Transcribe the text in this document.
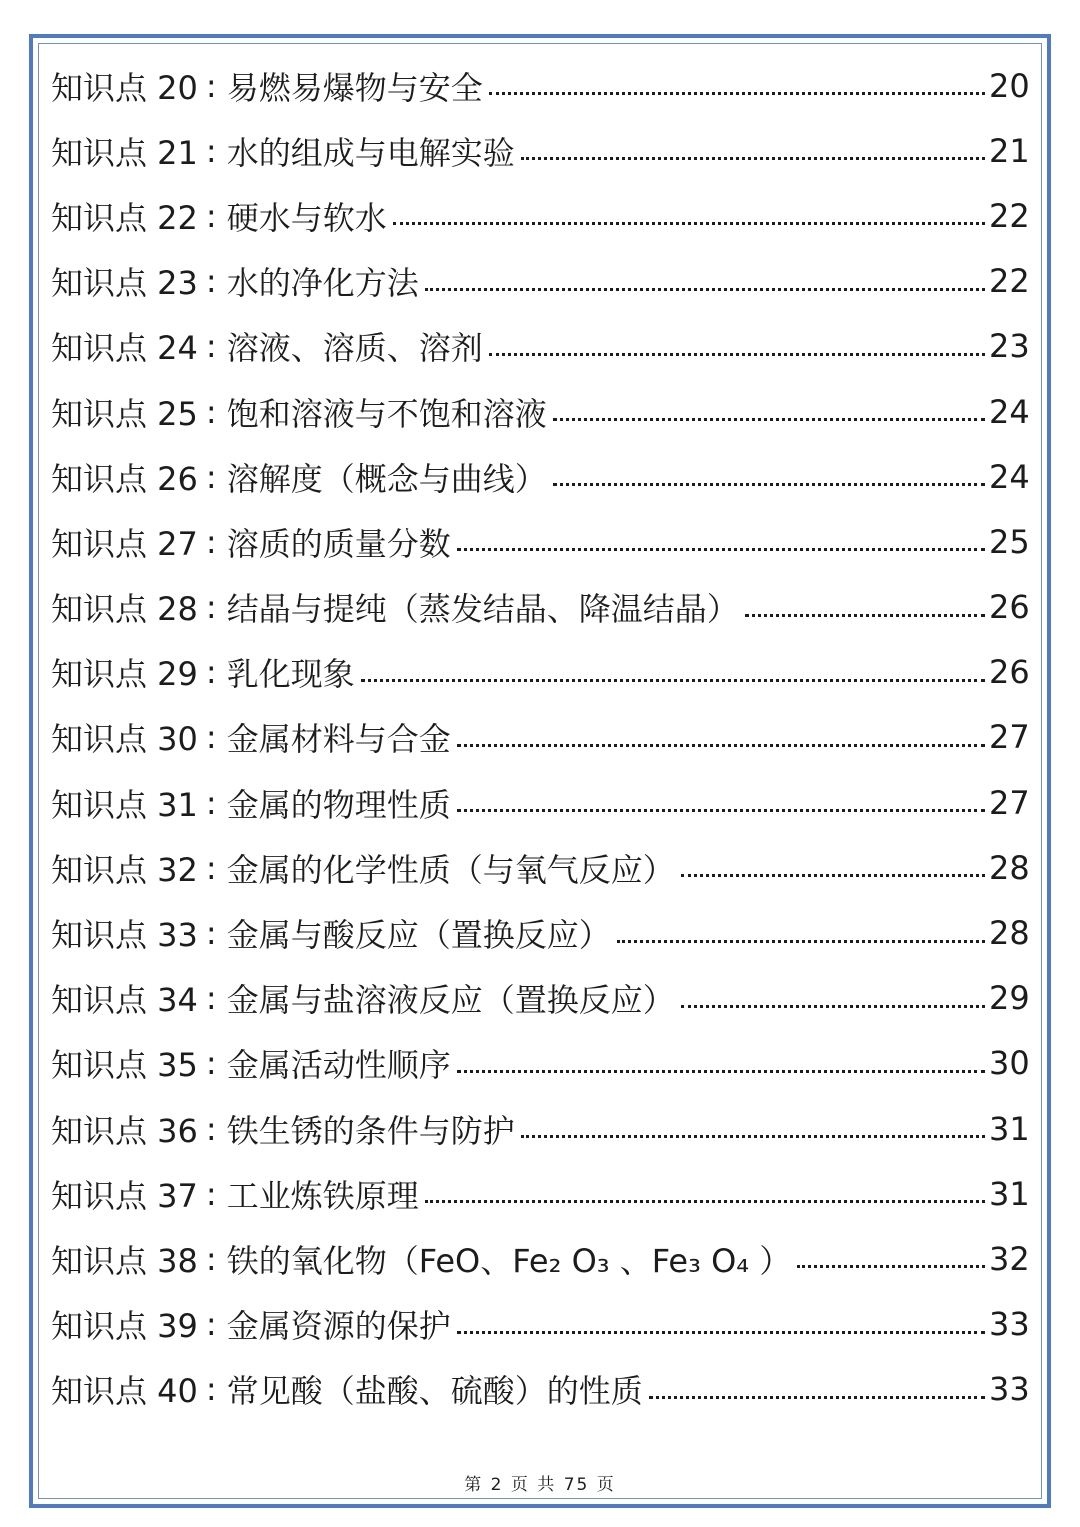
知识点 20 : 易燃易爆物与安全	20
知识点 21 : 水的组成与电解实验	21
知识点 22 : 硬水与软水	22
知识点 23 : 水的净化方法	22
知识点 24 : 溶液、溶质、溶剂	23
知识点 25 : 饱和溶液与不饱和溶液	24
知识点 26 : 溶解度（概念与曲线）	24
知识点 27 : 溶质的质量分数	25
知识点 28 : 结晶与提纯（蒸发结晶、降温结晶）	26
知识点 29 : 乳化现象	26
知识点 30 : 金属材料与合金	27
知识点 31 : 金属的物理性质	27
知识点 32 : 金属的化学性质（与氧气反应）	28
知识点 33 : 金属与酸反应（置换反应）	28
知识点 34 : 金属与盐溶液反应（置换反应）	29
知识点 35 : 金属活动性顺序	30
知识点 36 : 铁生锈的条件与防护	31
知识点 37 : 工业炼铁原理	31
知识点 38 : 铁的氧化物（FeO、Fe₂ O₃ 、Fe₃ O₄ ）	32
知识点 39 : 金属资源的保护	33
知识点 40 : 常见酸（盐酸、硫酸）的性质	33
第 2 页 共 75 页
